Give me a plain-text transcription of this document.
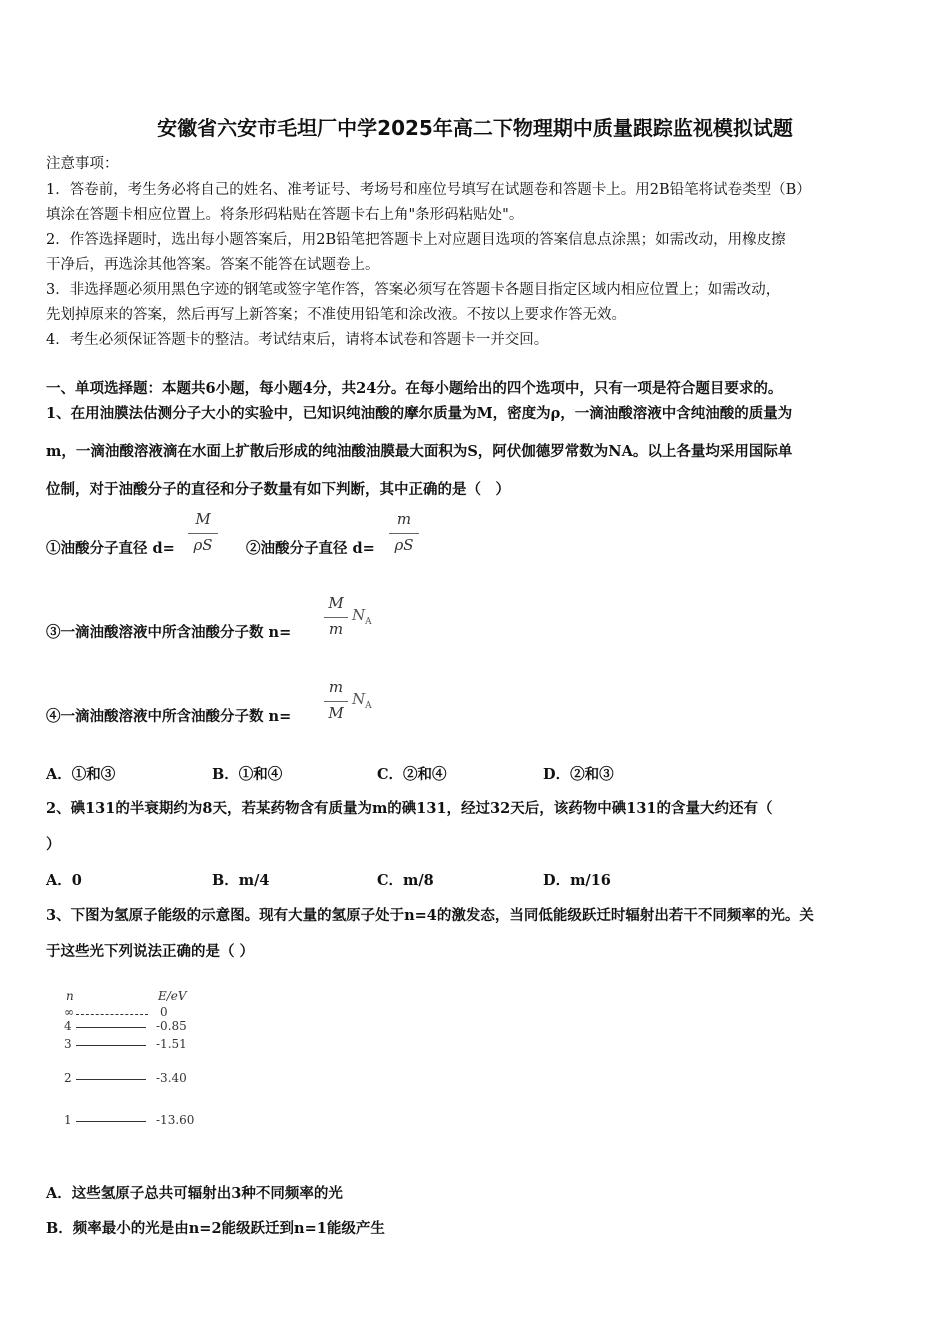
安徽省六安市毛坦厂中学2025年高二下物理期中质量跟踪监视模拟试题
注意事项：
1．答卷前，考生务必将自己的姓名、准考证号、考场号和座位号填写在试题卷和答题卡上。用2B铅笔将试卷类型（B）
填涂在答题卡相应位置上。将条形码粘贴在答题卡右上角"条形码粘贴处"。
2．作答选择题时，选出每小题答案后，用2B铅笔把答题卡上对应题目选项的答案信息点涂黑；如需改动，用橡皮擦
干净后，再选涂其他答案。答案不能答在试题卷上。
3．非选择题必须用黑色字迹的钢笔或签字笔作答，答案必须写在答题卡各题目指定区域内相应位置上；如需改动，
先划掉原来的答案，然后再写上新答案；不准使用铅笔和涂改液。不按以上要求作答无效。
4．考生必须保证答题卡的整洁。考试结束后，请将本试卷和答题卡一并交回。
一、单项选择题：本题共6小题，每小题4分，共24分。在每小题给出的四个选项中，只有一项是符合题目要求的。
1、在用油膜法估测分子大小的实验中，已知识纯油酸的摩尔质量为M，密度为ρ，一滴油酸溶液中含纯油酸的质量为
m，一滴油酸溶液滴在水面上扩散后形成的纯油酸油膜最大面积为S，阿伏伽德罗常数为NA。以上各量均采用国际单
位制，对于油酸分子的直径和分子数量有如下判断，其中正确的是（　）
①油酸分子直径 d=
M
ρS	②油酸分子直径 d=
m
ρS
③一滴油酸溶液中所含油酸分子数 n=
M
m
$N_A$
④一滴油酸溶液中所含油酸分子数 n=
m
M
$N_A$
A．①和③	B．①和④	C．②和④	D．②和③
2、碘131的半衰期约为8天，若某药物含有质量为m的碘131，经过32天后，该药物中碘131的含量大约还有（
）
A．0	B．m/4	C．m/8	D．m/16
3、下图为氢原子能级的示意图。现有大量的氢原子处于n=4的激发态，当同低能级跃迁时辐射出若干不同频率的光。关
于这些光下列说法正确的是（ ）
n	E/eV
∞	0
4	-0.85
3	-1.51
2	-3.40
1	-13.60
A．这些氢原子总共可辐射出3种不同频率的光
B．频率最小的光是由n=2能级跃迁到n=1能级产生
